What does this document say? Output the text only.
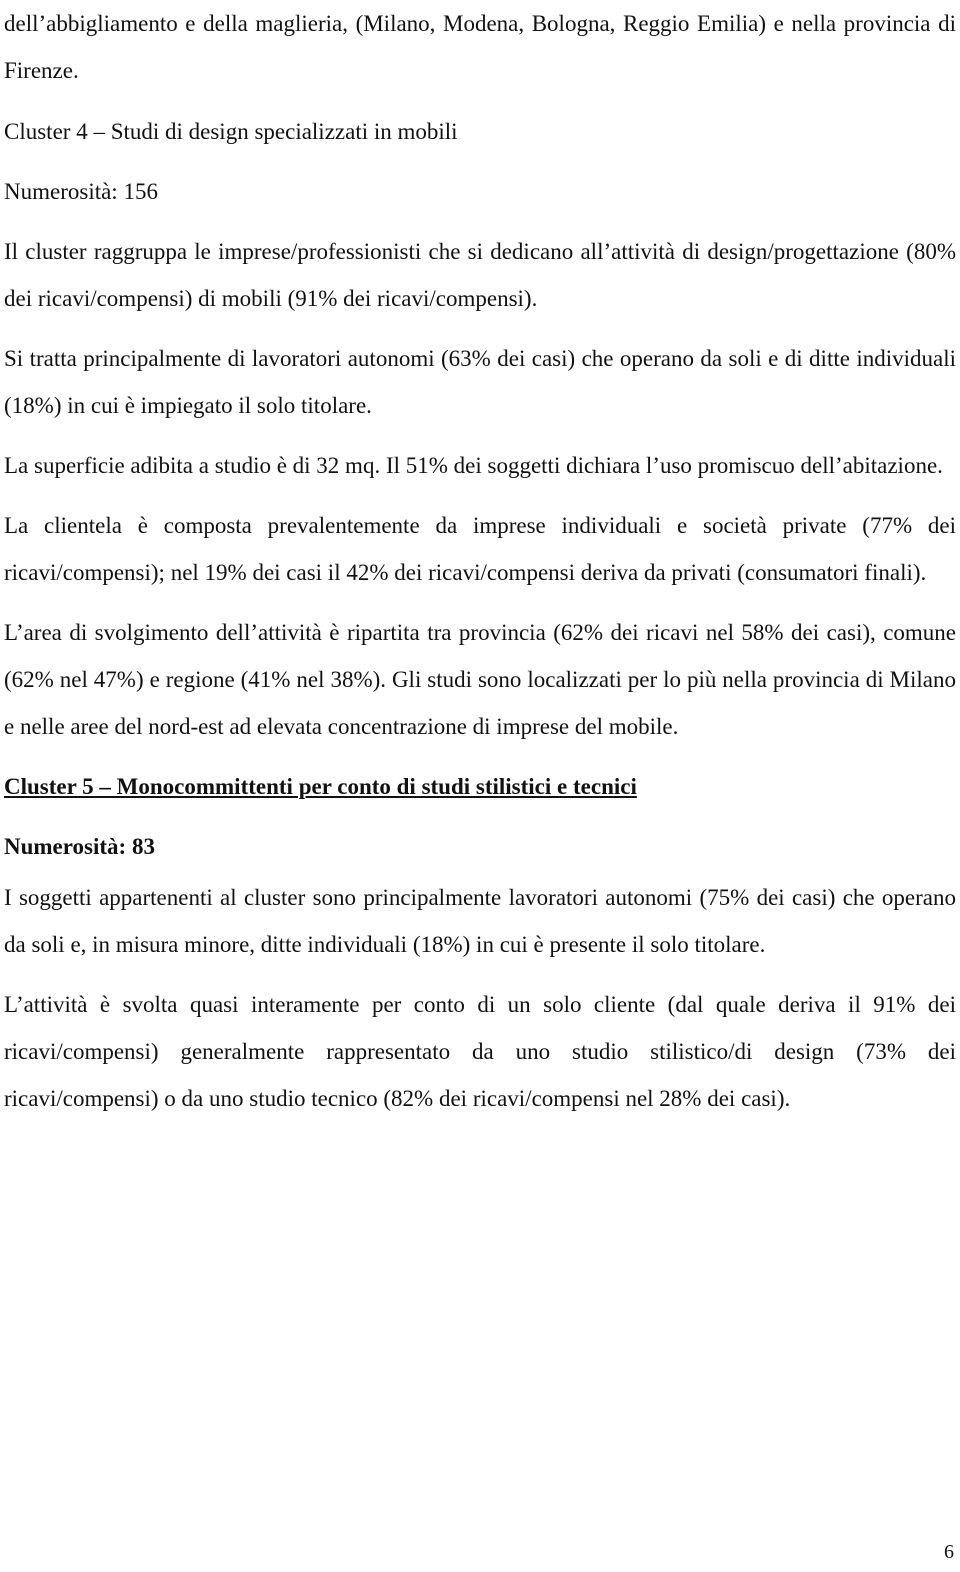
dell’abbigliamento e della maglieria, (Milano, Modena, Bologna, Reggio Emilia) e nella provincia di Firenze.

Cluster 4 – Studi di design specializzati in mobili

Numerosità: 156

Il cluster raggruppa le imprese/professionisti che si dedicano all’attività di design/progettazione (80% dei ricavi/compensi) di mobili (91% dei ricavi/compensi).

Si tratta principalmente di lavoratori autonomi (63% dei casi) che operano da soli e di ditte individuali (18%) in cui è impiegato il solo titolare.

La superficie adibita a studio è di 32 mq. Il 51% dei soggetti dichiara l’uso promiscuo dell’abitazione.

La clientela è composta prevalentemente da imprese individuali e società private (77% dei ricavi/compensi); nel 19% dei casi il 42% dei ricavi/compensi deriva da privati (consumatori finali).

L’area di svolgimento dell’attività è ripartita tra provincia (62% dei ricavi nel 58% dei casi), comune (62% nel 47%) e regione (41% nel 38%). Gli studi sono localizzati per lo più nella provincia di Milano e nelle aree del nord-est ad elevata concentrazione di imprese del mobile.

Cluster 5 – Monocommittenti per conto di studi stilistici e tecnici

Numerosità: 83

I soggetti appartenenti al cluster sono principalmente lavoratori autonomi (75% dei casi) che operano da soli e, in misura minore, ditte individuali (18%) in cui è presente il solo titolare.

L’attività è svolta quasi interamente per conto di un solo cliente (dal quale deriva il 91% dei ricavi/compensi) generalmente rappresentato da uno studio stilistico/di design (73% dei ricavi/compensi) o da uno studio tecnico (82% dei ricavi/compensi nel 28% dei casi).

6
